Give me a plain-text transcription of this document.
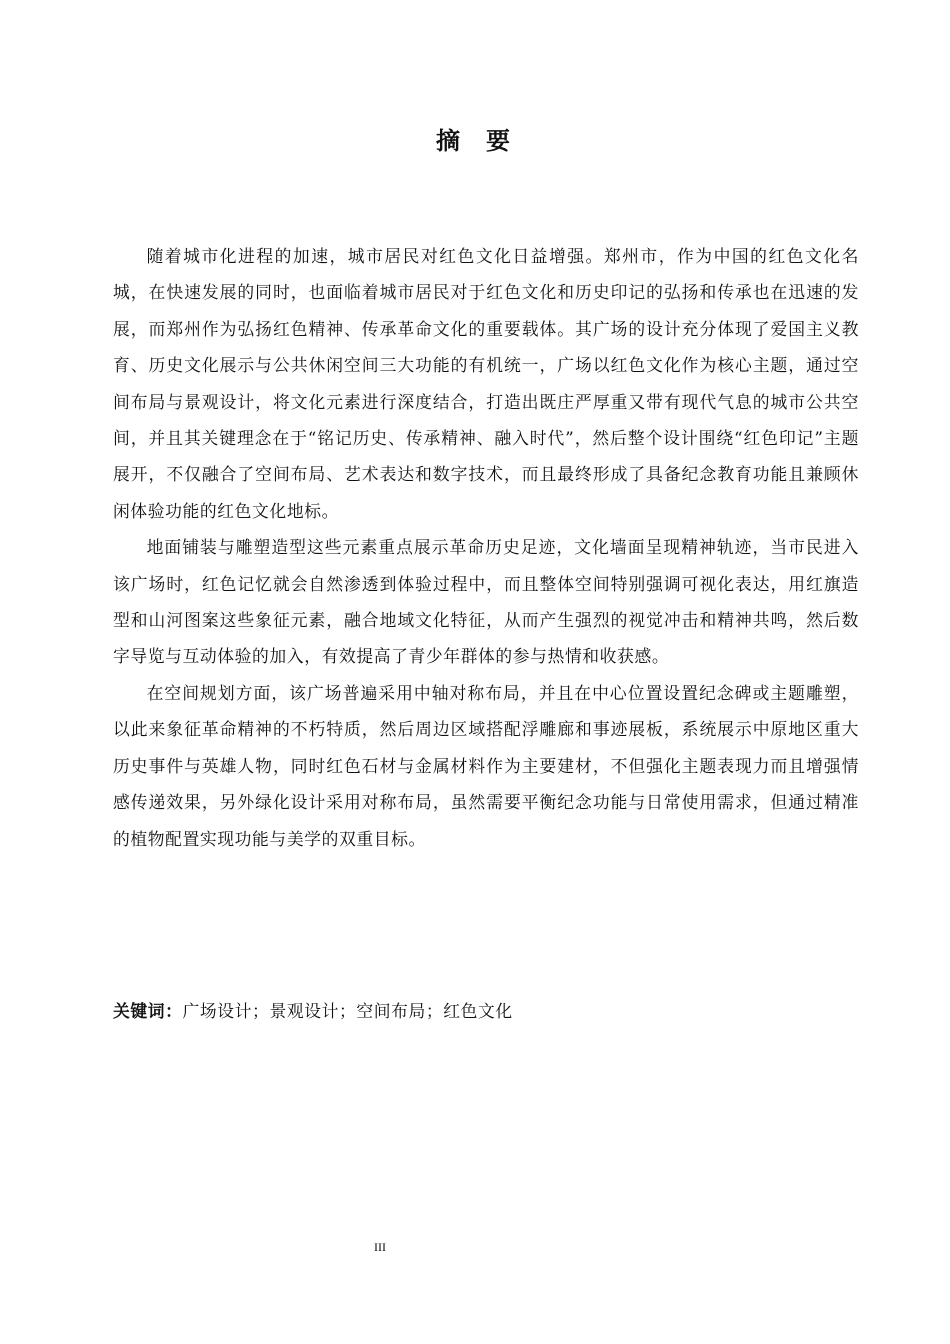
摘要

随着城市化进程的加速，城市居民对红色文化日益增强。郑州市，作为中国的红色文化名城，在快速发展的同时，也面临着城市居民对于红色文化和历史印记的弘扬和传承也在迅速的发展，而郑州作为弘扬红色精神、传承革命文化的重要载体。其广场的设计充分体现了爱国主义教育、历史文化展示与公共休闲空间三大功能的有机统一，广场以红色文化作为核心主题，通过空间布局与景观设计，将文化元素进行深度结合，打造出既庄严厚重又带有现代气息的城市公共空间，并且其关键理念在于“铭记历史、传承精神、融入时代”，然后整个设计围绕“红色印记”主题展开，不仅融合了空间布局、艺术表达和数字技术，而且最终形成了具备纪念教育功能且兼顾休闲体验功能的红色文化地标。

地面铺装与雕塑造型这些元素重点展示革命历史足迹，文化墙面呈现精神轨迹，当市民进入该广场时，红色记忆就会自然渗透到体验过程中，而且整体空间特别强调可视化表达，用红旗造型和山河图案这些象征元素，融合地域文化特征，从而产生强烈的视觉冲击和精神共鸣，然后数字导览与互动体验的加入，有效提高了青少年群体的参与热情和收获感。

在空间规划方面，该广场普遍采用中轴对称布局，并且在中心位置设置纪念碑或主题雕塑，以此来象征革命精神的不朽特质，然后周边区域搭配浮雕廊和事迹展板，系统展示中原地区重大历史事件与英雄人物，同时红色石材与金属材料作为主要建材，不但强化主题表现力而且增强情感传递效果，另外绿化设计采用对称布局，虽然需要平衡纪念功能与日常使用需求，但通过精准的植物配置实现功能与美学的双重目标。

关键词：广场设计；景观设计；空间布局；红色文化
III
